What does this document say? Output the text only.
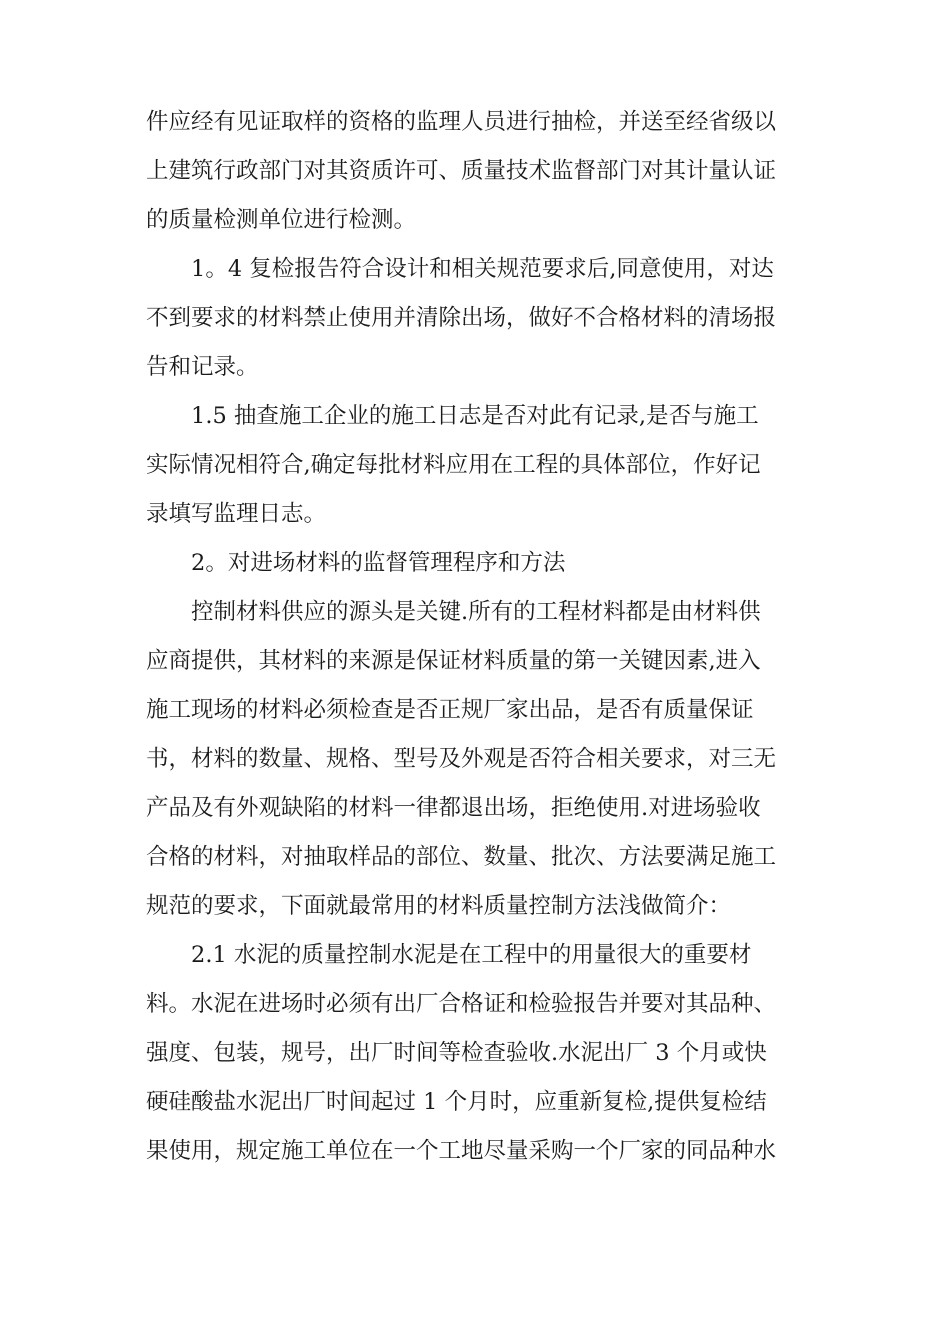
件应经有见证取样的资格的监理人员进行抽检，并送至经省级以
上建筑行政部门对其资质许可、质量技术监督部门对其计量认证
的质量检测单位进行检测。
1。4 复检报告符合设计和相关规范要求后,同意使用，对达
不到要求的材料禁止使用并清除出场，做好不合格材料的清场报
告和记录。
1.5 抽查施工企业的施工日志是否对此有记录,是否与施工
实际情况相符合,确定每批材料应用在工程的具体部位，作好记
录填写监理日志。
2。对进场材料的监督管理程序和方法
控制材料供应的源头是关键.所有的工程材料都是由材料供
应商提供，其材料的来源是保证材料质量的第一关键因素,进入
施工现场的材料必须检查是否正规厂家出品，是否有质量保证
书，材料的数量、规格、型号及外观是否符合相关要求，对三无
产品及有外观缺陷的材料一律都退出场，拒绝使用.对进场验收
合格的材料，对抽取样品的部位、数量、批次、方法要满足施工
规范的要求，下面就最常用的材料质量控制方法浅做简介：
2.1 水泥的质量控制水泥是在工程中的用量很大的重要材
料。水泥在进场时必须有出厂合格证和检验报告并要对其品种、
强度、包装，规号，出厂时间等检查验收.水泥出厂 3 个月或快
硬硅酸盐水泥出厂时间起过 1 个月时，应重新复检,提供复检结
果使用，规定施工单位在一个工地尽量采购一个厂家的同品种水
